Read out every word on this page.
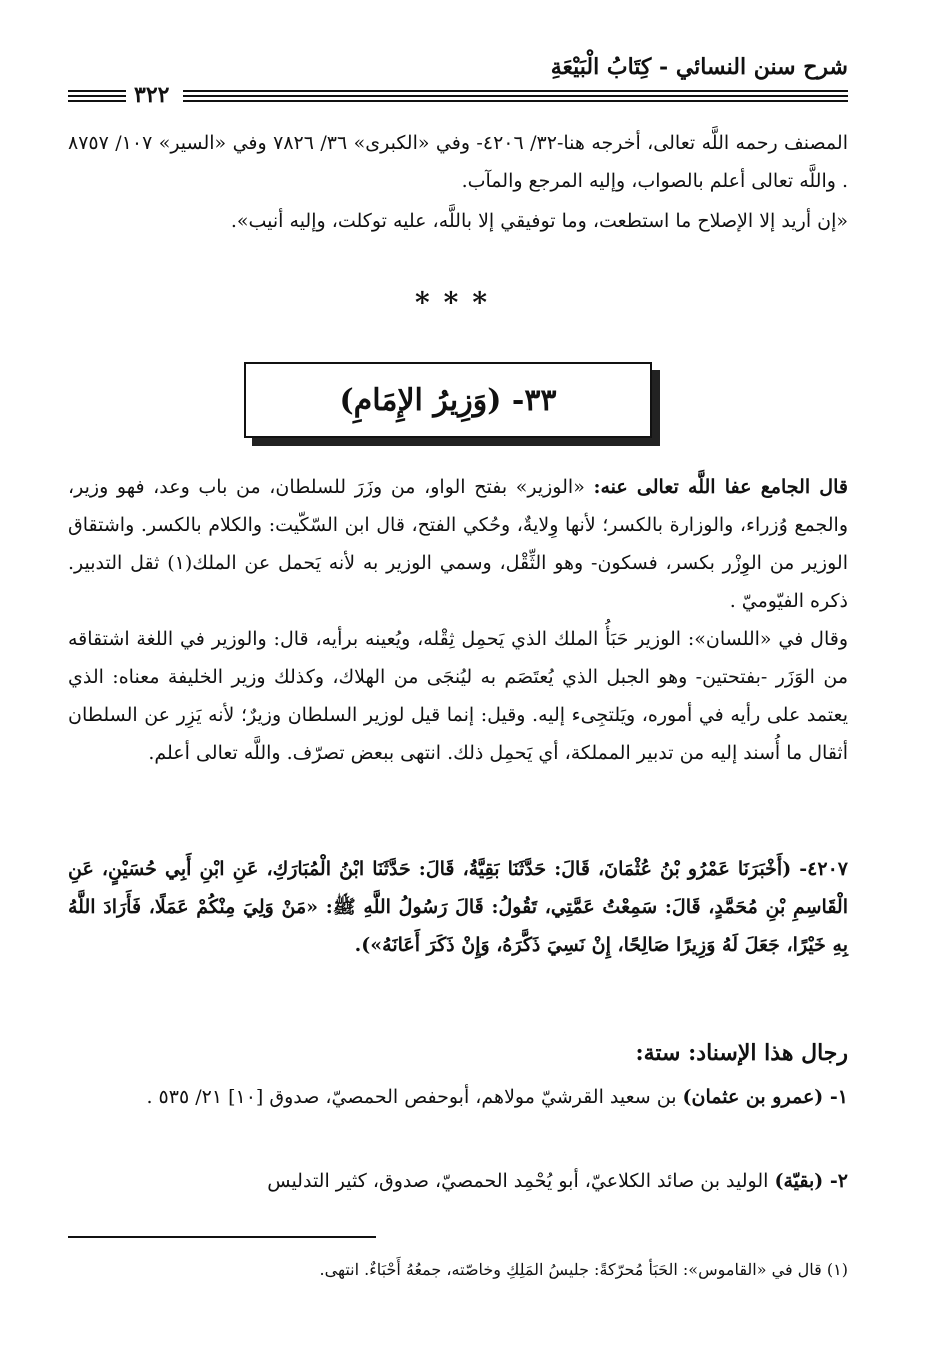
شرح سنن النسائي - كِتَابُ الْبَيْعَةِ
٣٢٢
المصنف رحمه اللَّه تعالى، أخرجه هنا-٣٢/ ٤٢٠٦- وفي «الكبرى» ٣٦/ ٧٨٢٦ وفي «السير» ١٠٧/ ٨٧٥٧ . واللَّه تعالى أعلم بالصواب، وإليه المرجع والمآب.
«إن أريد إلا الإصلاح ما استطعت، وما توفيقي إلا باللَّه، عليه توكلت، وإليه أنيب».
***
٣٣- (وَزِيرُ الإِمَامِ)
قال الجامع عفا اللَّه تعالى عنه: «الوزير» بفتح الواو، من وزَرَ للسلطان، من باب وعد، فهو وزير، والجمع وُزراء، والوزارة بالكسر؛ لأنها وِلايةٌ، وحُكي الفتح، قال ابن السّكّيت: والكلام بالكسر. واشتقاق الوزير من الوِزْر بكسر، فسكون- وهو الثِّقْل، وسمي الوزير به لأنه يَحمل عن الملك(١) ثقل التدبير. ذكره الفيّوميّ .
وقال في «اللسان»: الوزير حَبَأُ الملك الذي يَحمِل ثِقْله، ويُعينه برأيه، قال: والوزير في اللغة اشتقاقه من الوَزَر -بفتحتين- وهو الجبل الذي يُعتَصَم به ليُنجَى من الهلاك، وكذلك وزير الخليفة معناه: الذي يعتمد على رأيه في أموره، ويَلتجِىء إليه. وقيل: إنما قيل لوزير السلطان وزيرٌ؛ لأنه يَزِر عن السلطان أثقال ما أُسند إليه من تدبير المملكة، أي يَحمِل ذلك. انتهى ببعض تصرّف. واللَّه تعالى أعلم.
٤٢٠٧- (أَخْبَرَنَا عَمْرُو بْنُ عُثْمَانَ، قَالَ: حَدَّثَنَا بَقِيَّةُ، قَالَ: حَدَّثَنَا ابْنُ الْمُبَارَكِ، عَنِ ابْنِ أَبِي حُسَيْنٍ، عَنِ الْقَاسِمِ بْنِ مُحَمَّدٍ، قَالَ: سَمِعْتُ عَمَّتِي، تَقُولُ: قَالَ رَسُولُ اللَّهِ ﷺ: «مَنْ وَلِيَ مِنْكُمْ عَمَلًا، فَأَرَادَ اللَّهُ بِهِ خَيْرًا، جَعَلَ لَهُ وَزِيرًا صَالِحًا، إِنْ نَسِيَ ذَكَّرَهُ، وَإِنْ ذَكَرَ أَعَانَهُ»).
رجال هذا الإسناد: ستة:
١- (عمرو بن عثمان) بن سعيد القرشيّ مولاهم، أبوحفص الحمصيّ، صدوق [١٠] ٢١/ ٥٣٥ .
٢- (بقيّة) الوليد بن صائد الكلاعيّ، أبو يُحْمِد الحمصيّ، صدوق، كثير التدليس
(١) قال في «القاموس»: الحَبَأ مُحرّكةً: جليسُ المَلِكِ وخاصّته، جمعُهُ أَحْبَاءٌ. انتهى.
